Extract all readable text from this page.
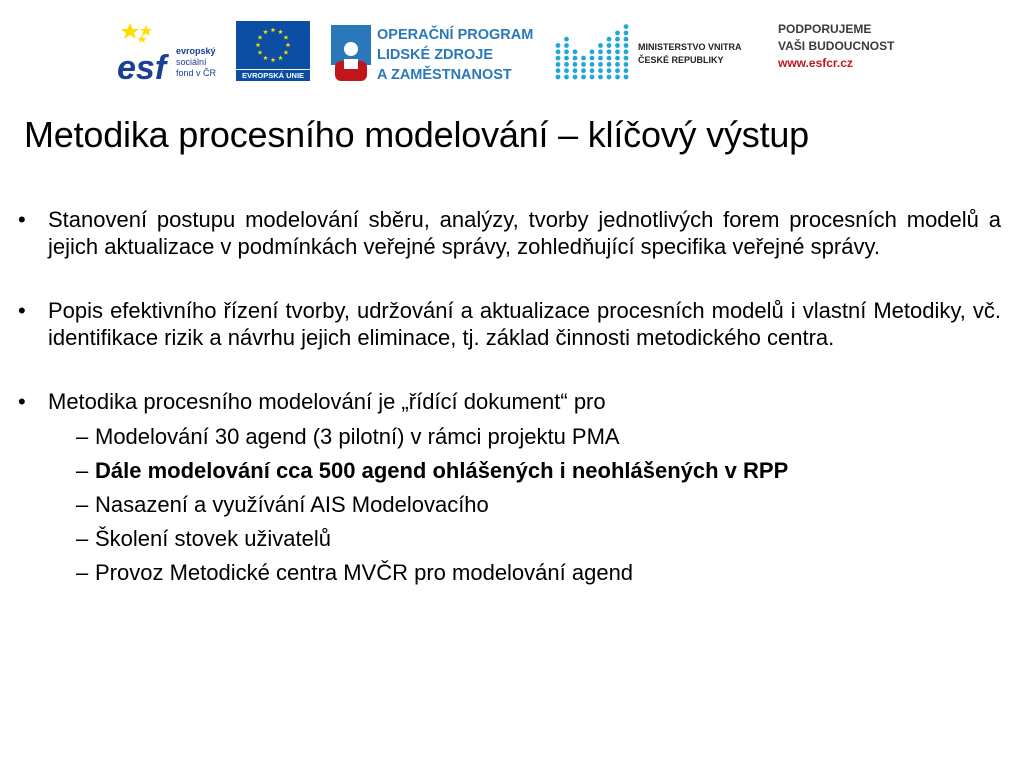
esf	evropský
sociální
fond v ČR	EVROPSKÁ UNIE
OPERAČNÍ PROGRAM
LIDSKÉ ZDROJE
A ZAMĚSTNANOST
MINISTERSTVO VNITRA
ČESKÉ REPUBLIKY
PODPORUJEME
VAŠI BUDOUCNOST
www.esfcr.cz
Metodika procesního modelování – klíčový výstup
• Stanovení postupu modelování sběru, analýzy, tvorby jednotlivých forem procesních modelů a jejich aktualizace v podmínkách veřejné správy, zohledňující specifika veřejné správy.
• Popis efektivního řízení tvorby, udržování a aktualizace procesních modelů i vlastní Metodiky, vč. identifikace rizik a návrhu jejich eliminace, tj. základ činnosti metodického centra.
• Metodika procesního modelování je „řídící dokument“ pro
– Modelování 30 agend (3 pilotní) v rámci projektu PMA
– Dále modelování cca 500 agend ohlášených i neohlášených v RPP
– Nasazení a využívání AIS Modelovacího
– Školení stovek uživatelů
– Provoz Metodické centra MVČR pro modelování agend
